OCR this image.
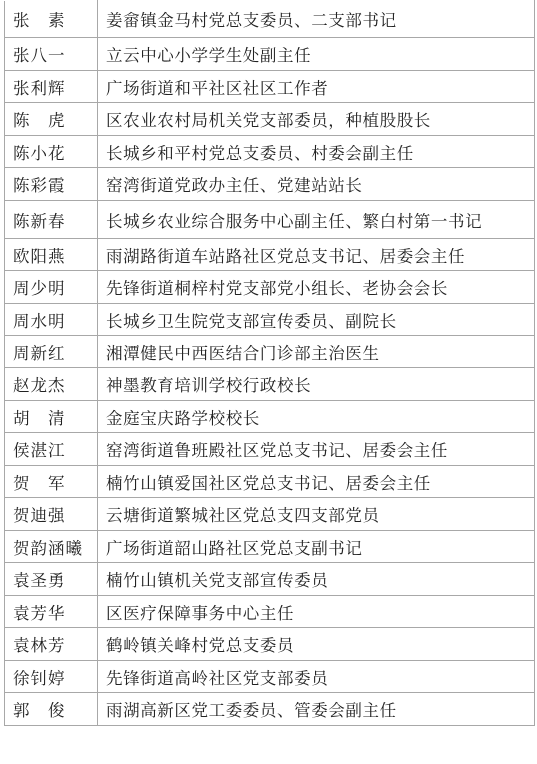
张　素	姜畲镇金马村党总支委员、二支部书记
张八一	立云中心小学学生处副主任
张利辉	广场街道和平社区社区工作者
陈　虎	区农业农村局机关党支部委员，种植股股长
陈小花	长城乡和平村党总支委员、村委会副主任
陈彩霞	窑湾街道党政办主任、党建站站长
陈新春	长城乡农业综合服务中心副主任、繁白村第一书记
欧阳燕	雨湖路街道车站路社区党总支书记、居委会主任
周少明	先锋街道桐梓村党支部党小组长、老协会会长
周水明	长城乡卫生院党支部宣传委员、副院长
周新红	湘潭健民中西医结合门诊部主治医生
赵龙杰	神墨教育培训学校行政校长
胡　清	金庭宝庆路学校校长
侯湛江	窑湾街道鲁班殿社区党总支书记、居委会主任
贺　军	楠竹山镇爱国社区党总支书记、居委会主任
贺迪强	云塘街道繁城社区党总支四支部党员
贺韵涵曦	广场街道韶山路社区党总支副书记
袁圣勇	楠竹山镇机关党支部宣传委员
袁芳华	区医疗保障事务中心主任
袁林芳	鹤岭镇关峰村党总支委员
徐钊婷	先锋街道高岭社区党支部委员
郭　俊	雨湖高新区党工委委员、管委会副主任
